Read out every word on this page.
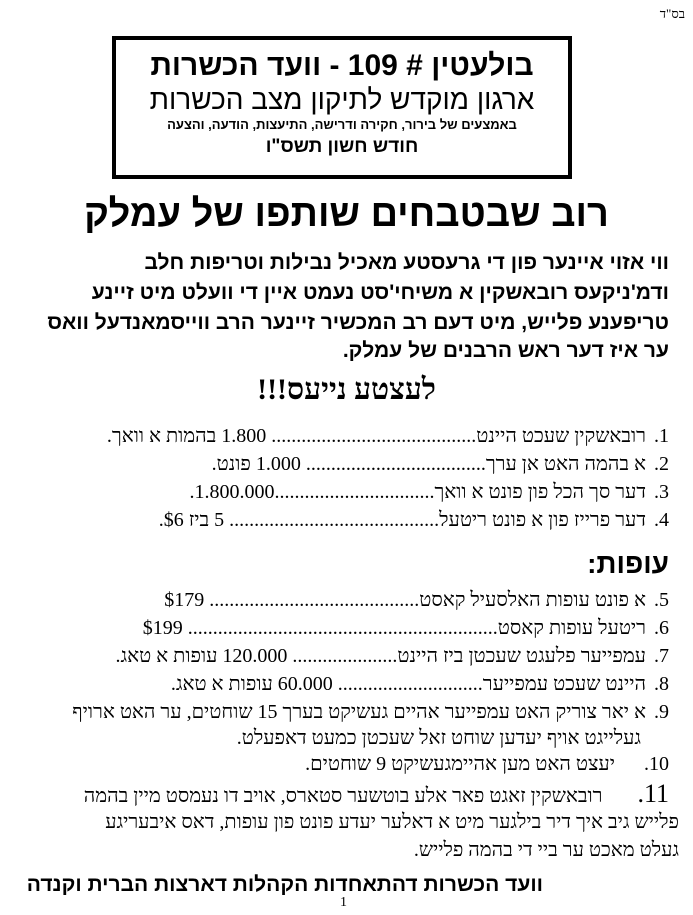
בס"ד
בולעטין # 109 - וועד הכשרות
ארגון מוקדש לתיקון מצב הכשרות
באמצעים של בירור, חקירה ודרישה, התיעצות, הודעה, והצעה
חודש חשון תשס"ו
רוב שבטבחים שותפו של עמלק
ווי אזוי איינער פון די גרעסטע מאכיל נבילות וטריפות חלב
ודמ'ניקעס רובאשקין א משיחי'סט נעמט איין די וועלט מיט זיינע
טריפענע פלייש, מיט דעם רב המכשיר זיינער הרב ווייסמאנדעל וואס
ער איז דער ראש הרבנים של עמלק.
לעצטע נייעס!!!
1. רובאשקין שעכט היינט......................................... 1.800 בהמות א וואך.
2. א בהמה האט אן ערך.................................... 1.000 פונט.
3. דער סך הכל פון פונט א וואך................................1.800.000.
4. דער פרייז פון א פונט ריטעל.......................................... 5 ביז $6.
עופות:
5. א פונט עופות האלסעיל קאסט.......................................... $179
6. ריטעל עופות קאסט.............................................................. $199
7. עמפייער פלעגט שעכטן ביז היינט..................... 120.000 עופות א טאג.
8. היינט שעכט עמפייער............................. 60.000 עופות א טאג.
9. א יאר צוריק האט עמפייער אהיים געשיקט בערך 15 שוחטים, ער האט ארויף
געלייגט אויף יעדען שוחט זאל שעכטן כמעט דאפעלט.
10. יעצט האט מען אהיימגעשיקט 9 שוחטים.
11. רובאשקין זאגט פאר אלע בוטשער סטארס, אויב דו נעמסט מיין בהמה
פלייש גיב איך דיר בילגער מיט א דאלער יעדע פונט פון עופות, דאס איבעריגע
געלט מאכט ער ביי די בהמה פלייש.
וועד הכשרות דהתאחדות הקהלות דארצות הברית וקנדה
1
